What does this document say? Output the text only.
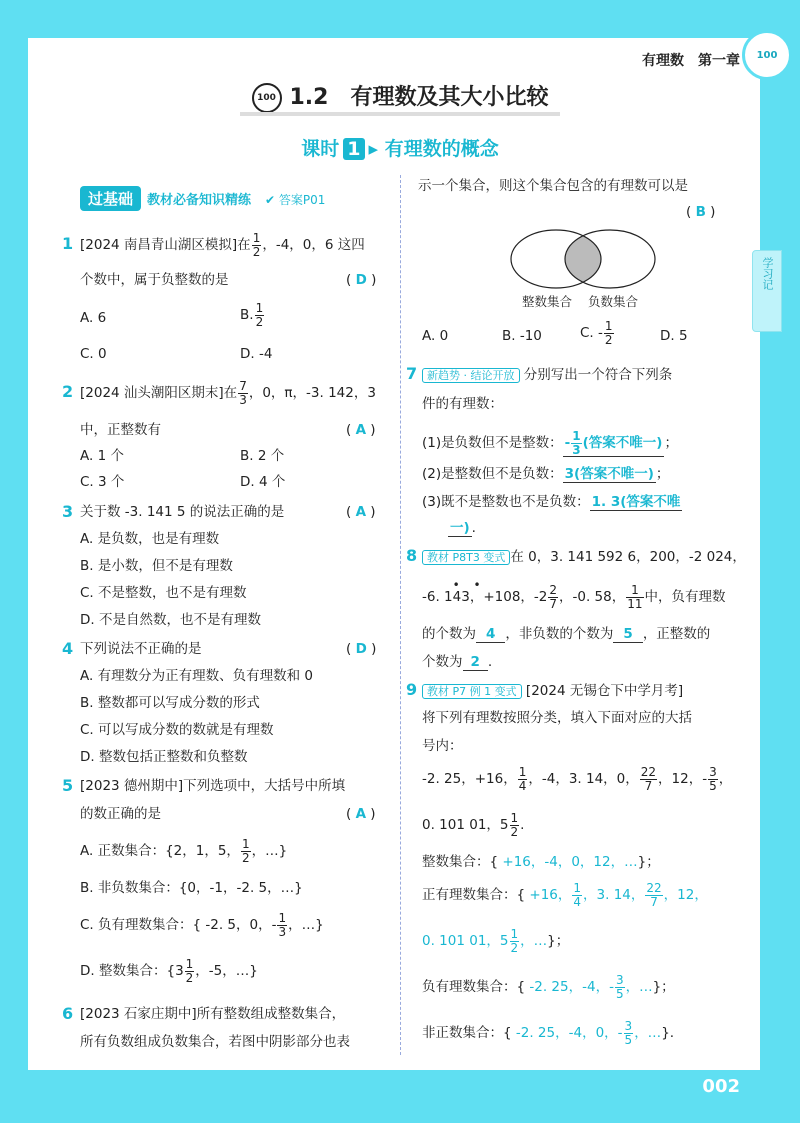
学习记
100
有理数　第一章
100 1.2　有理数及其大小比较
课时 1 ▸ 有理数的概念
过基础 教材必备知识精练 ✔ 答案P01
1 [2024 南昌青山湖区模拟]在 $\frac{1}{2}$ ，-4，0，6 这四
个数中，属于负整数的是	( D )
A. 6	B. $\frac{1}{2}$
C. 0	D. -4
2 [2024 汕头潮阳区期末]在 $\frac{7}{3}$ ，0，π，-3. 142，3
中，正整数有	( A )
A. 1 个	B. 2 个
C. 3 个	D. 4 个
3 关于数 -3. 141 5 的说法正确的是	( A )
A. 是负数，也是有理数
B. 是小数，但不是有理数
C. 不是整数，也不是有理数
D. 不是自然数，也不是有理数
4 下列说法不正确的是	( D )
A. 有理数分为正有理数、负有理数和 0
B. 整数都可以写成分数的形式
C. 可以写成分数的数就是有理数
D. 整数包括正整数和负整数
5 [2023 德州期中]下列选项中，大括号中所填
的数正确的是	( A )
A. 正数集合：{2，1，5， $\frac{1}{2}$ ，…}
B. 非负数集合：{0，-1，-2. 5，…}
C. 负有理数集合：{ -2. 5，0，- $\frac{1}{3}$ ，…}
D. 整数集合：{$3 \frac{1}{2}$ ，-5，…}
6 [2023 石家庄期中]所有整数组成整数集合，
所有负数组成负数集合，若图中阴影部分也表
示一个集合，则这个集合包含的有理数可以是
( B )
整数集合 负数集合
A. 0	B. -10	C. - $\frac{1}{2}$	D. 5
7 新趋势 · 结论开放 分别写出一个符合下列条
件的有理数：
(1)是负数但不是整数： - $\frac{1}{3}$ (答案不唯一) ；
(2)是整数但不是负数： 3(答案不唯一) ；
(3)既不是整数也不是负数： 1. 3(答案不唯
一) .
8 教材 P8T3 变式 在 0，3. 141 592 6，200，-2 024，
-6. 1
• •
43，+108，$-2 \frac{2}{7}$ ，-0. 58， $\frac{1}{11}$ 中，负有理数
的个数为 4 ，非负数的个数为 5 ，正整数的
个数为 2 .
9 教材 P7 例 1 变式 [2024 无锡仓下中学月考]
将下列有理数按照分类，填入下面对应的大括
号内：
-2. 25，+16， $\frac{1}{4}$ ，-4，3. 14，0， $\frac{22}{7}$ ，12，- $\frac{3}{5}$ ，
0. 101 01，$5 \frac{1}{2}$ .
整数集合：{ +16，-4，0，12，…}；
正有理数集合：{ +16， $\frac{1}{4}$ ，3. 14， $\frac{22}{7}$ ，12，
0. 101 01，$5 \frac{1}{2}$ ，…}；
负有理数集合：{ -2. 25，-4，- $\frac{3}{5}$ ，…}；
非正数集合：{ -2. 25，-4，0，- $\frac{3}{5}$ ，…}.
002
